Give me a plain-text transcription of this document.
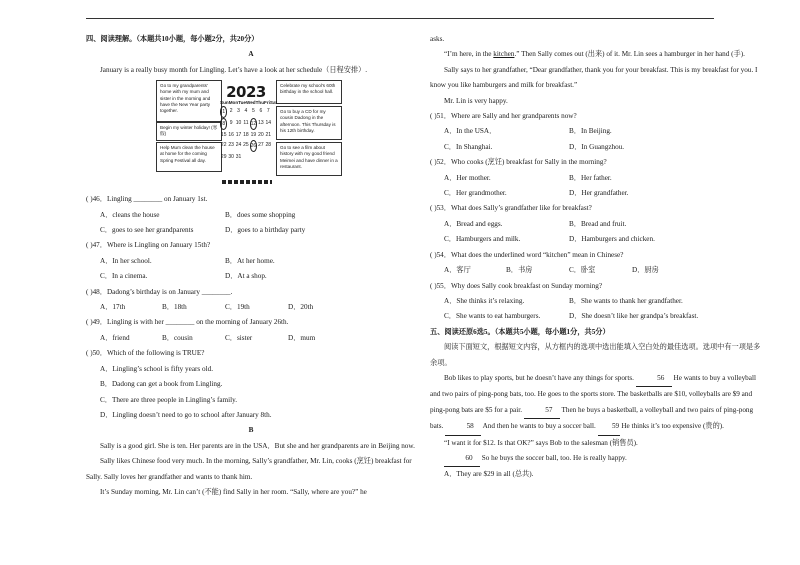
四、阅读理解。（本题共10小题，每小题2分，共20分）

A

January is a really busy month for Lingling. Let’s have a look at her schedule（日程安排）.

Go to my grandparents’ home with my mum and sister in the morning and have the New Year party together.
Begin my winter holiday! (寒假)
Help Mum clean the house at home for the coming Spring Festival all day.
Celebrate my school’s 60th birthday in the school hall.
Go to buy a CD for my cousin Dadong in the afternoon. This Thursday is his 12th birthday.
Go to see a film about history with my good friend Meimei and have dinner in a restaurant.
2023
Sun Mon Tue Wed Thu Fri Sat
1 2 3 4 5 6 7
8 9 10 11 12 13 14
15 16 17 18 19 20 21
22 23 24 25 26 27 28
29 30 31

( )46．Lingling ________ on January 1st.

A．cleans the house	B．does some shopping
C．goes to see her grandparents	D．goes to a birthday party

( )47．Where is Lingling on January 15th?

A．In her school.	B．At her home.
C．In a cinema.	D．At a shop.

( )48．Dadong’s birthday is on January ________.

A．17th	B．18th	C．19th	D．20th

( )49．Lingling is with her ________ on the morning of January 26th.

A．friend	B．cousin	C．sister	D．mum

( )50．Which of the following is TRUE?

A．Lingling’s school is fifty years old.

B．Dadong can get a book from Lingling.

C．There are three people in Lingling’s family.

D．Lingling doesn’t need to go to school after January 8th.

B

Sally is a good girl. She is ten. Her parents are in the USA．But she and her grandparents are in Beijing now.

Sally likes Chinese food very much. In the morning, Sally’s grandfather, Mr. Lin, cooks (烹饪) breakfast for Sally. Sally loves her grandfather and wants to thank him.

It’s Sunday morning, Mr. Lin can’t (不能) find Sally in her room. “Sally, where are you?” he

asks.

“I’m here, in the kitchen.” Then Sally comes out (出来) of it. Mr. Lin sees a hamburger in her hand (手).

Sally says to her grandfather, “Dear grandfather, thank you for your breakfast. This is my breakfast for you. I know you like hamburgers and milk for breakfast.”

Mr. Lin is very happy.

( )51．Where are Sally and her grandparents now?

A．In the USA．	B．In Beijing.
C．In Shanghai.	D．In Guangzhou.

( )52．Who cooks (烹饪) breakfast for Sally in the morning?

A．Her mother.	B．Her father.
C．Her grandmother.	D．Her grandfather.

( )53．What does Sally’s grandfather like for breakfast?

A．Bread and eggs.	B．Bread and fruit.
C．Hamburgers and milk.	D．Hamburgers and chicken.

( )54．What does the underlined word “kitchen” mean in Chinese?

A．客厅	B．书房	C．卧室	D．厨房

( )55．Why does Sally cook breakfast on Sunday morning?

A．She thinks it’s relaxing.	B．She wants to thank her grandfather.
C．She wants to eat hamburgers.	D．She doesn’t like her grandpa’s breakfast.

五、阅读还原6选5。（本题共5小题，每小题1分，共5分）

阅读下面短文，根据短文内容，从方框内的选项中选出能填入空白处的最佳选项。选项中有一项是多余项。

Bob likes to play sports, but he doesn’t have any things for sports.	56 He wants to buy a volleyball and two pairs of ping-pong bats, too. He goes to the sports store. The basketballs are $10, volleyballs are $9 and ping-pong bats are $5 for a pair.	57 Then he buys a basketball, a volleyball and two pairs of ping-pong bats.	58 And then he wants to buy a soccer ball. 59 He thinks it’s too expensive (贵的).

“I want it for $12. Is that OK?” says Bob to the salesman (销售员).

60 So he buys the soccer ball, too. He is really happy.

A．They are $29 in all (总共).
